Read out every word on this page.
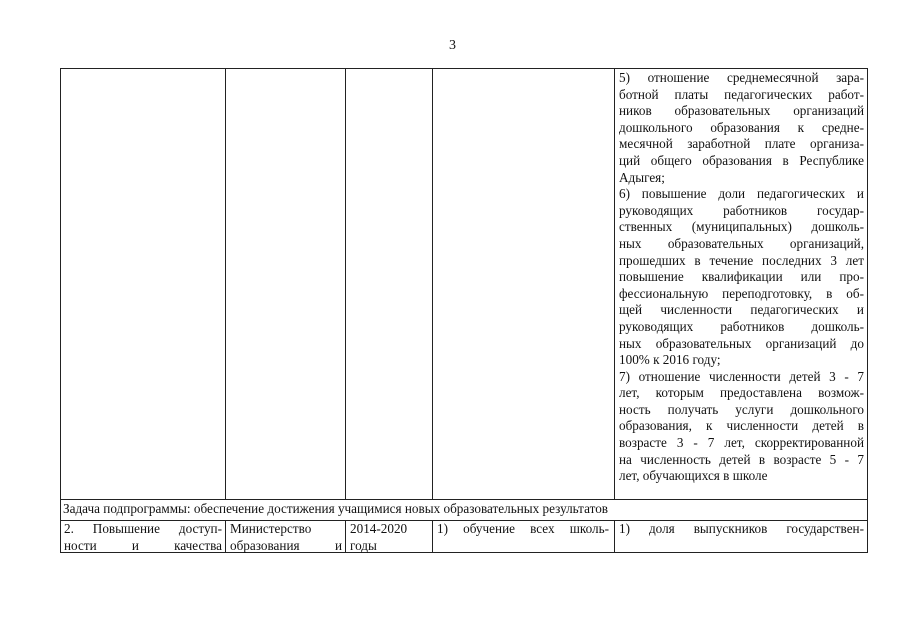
3
5) отношение среднемесячной зара-
ботной платы педагогических работ-
ников образовательных организаций
дошкольного образования к средне-
месячной заработной плате организа-
ций общего образования в Республике
Адыгея;
6) повышение доли педагогических и
руководящих работников государ-
ственных (муниципальных) дошколь-
ных образовательных организаций,
прошедших в течение последних 3 лет
повышение квалификации или про-
фессиональную переподготовку, в об-
щей численности педагогических и
руководящих работников дошколь-
ных образовательных организаций до
100% к 2016 году;
7) отношение численности детей 3 - 7
лет, которым предоставлена возмож-
ность получать услуги дошкольного
образования, к численности детей в
возрасте 3 - 7 лет, скорректированной
на численность детей в возрасте 5 - 7
лет, обучающихся в школе
Задача подпрограммы: обеспечение достижения учащимися новых образовательных результатов
2. Повышение доступ-
ности и качества
Министерство
образования и
2014-2020
годы
1) обучение всех школь- 1) доля выпускников государствен-
